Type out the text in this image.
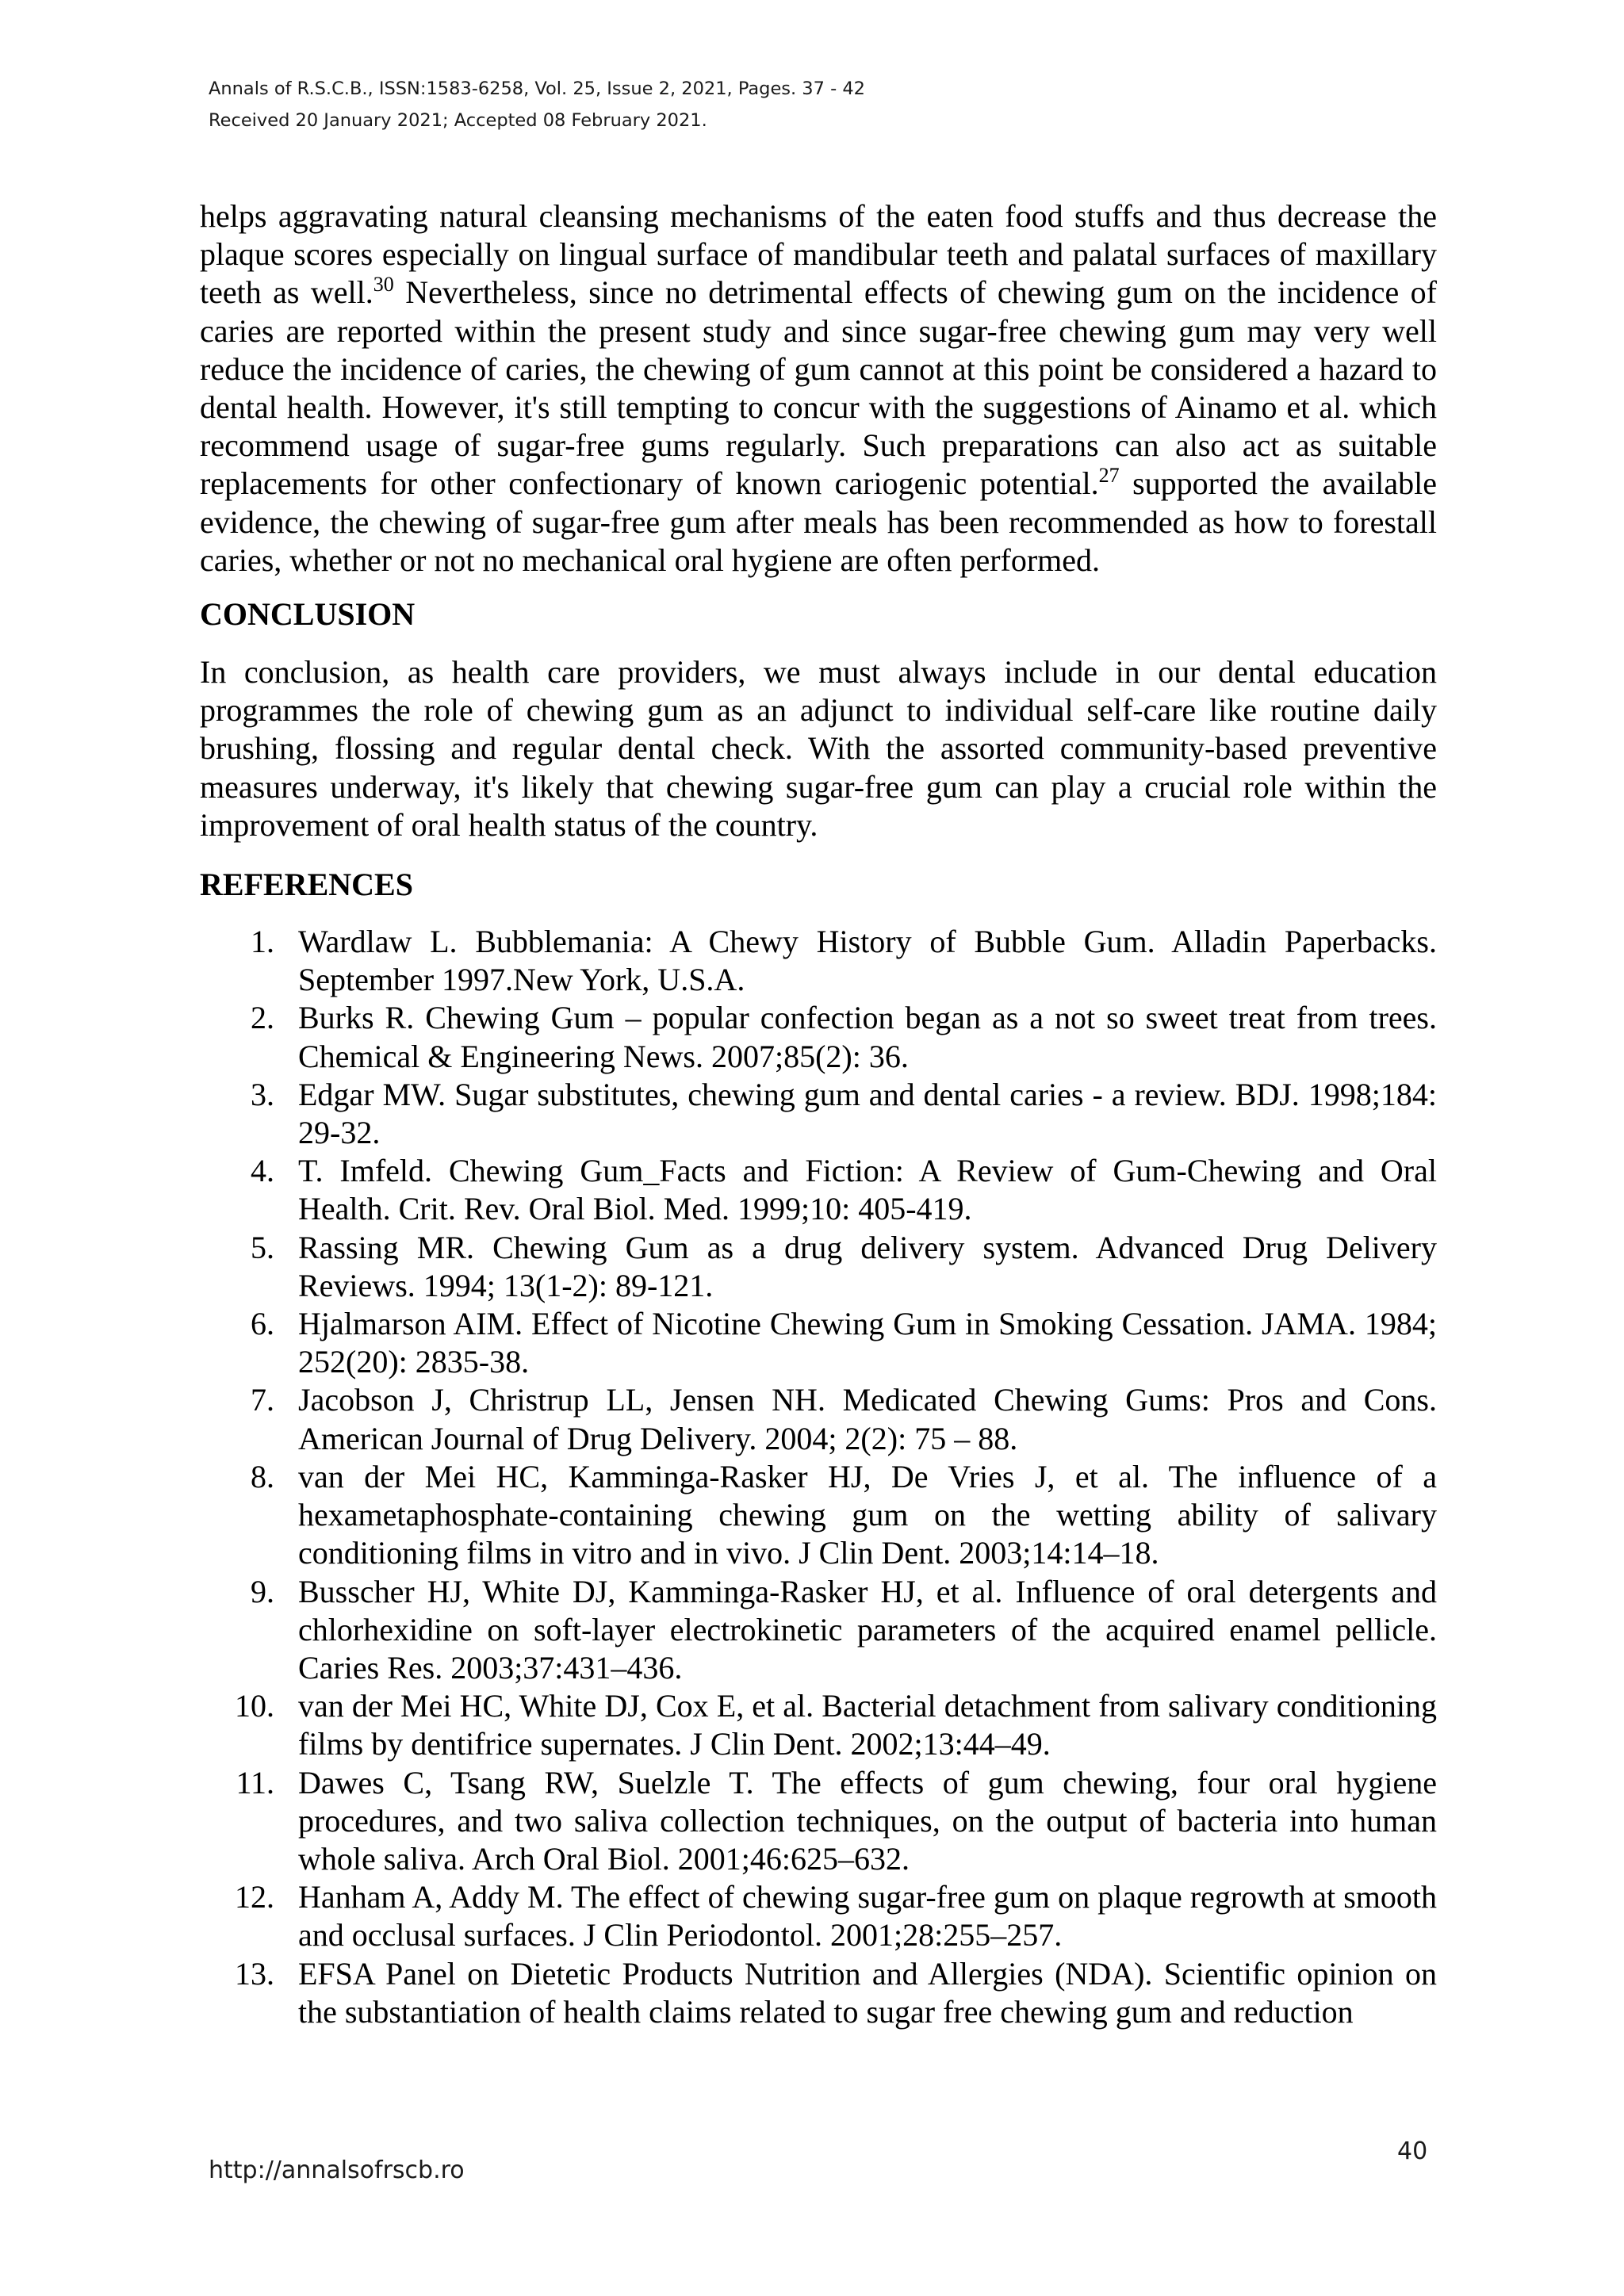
Annals of R.S.C.B., ISSN:1583-6258, Vol. 25, Issue 2, 2021, Pages. 37 - 42
Received 20 January 2021; Accepted 08 February 2021.

helps aggravating natural cleansing mechanisms of the eaten food stuffs and thus decrease the plaque scores especially on lingual surface of mandibular teeth and palatal surfaces of maxillary teeth as well.$^{30}$ Nevertheless, since no detrimental effects of chewing gum on the incidence of caries are reported within the present study and since sugar-free chewing gum may very well reduce the incidence of caries, the chewing of gum cannot at this point be considered a hazard to dental health. However, it's still tempting to concur with the suggestions of Ainamo et al. which recommend usage of sugar-free gums regularly. Such preparations can also act as suitable replacements for other confectionary of known cariogenic potential.$^{27}$ supported the available evidence, the chewing of sugar-free gum after meals has been recommended as how to forestall caries, whether or not no mechanical oral hygiene are often performed.

CONCLUSION

In conclusion, as health care providers, we must always include in our dental education programmes the role of chewing gum as an adjunct to individual self-care like routine daily brushing, flossing and regular dental check. With the assorted community-based preventive measures underway, it's likely that chewing sugar-free gum can play a crucial role within the improvement of oral health status of the country.

REFERENCES
1. Wardlaw L. Bubblemania: A Chewy History of Bubble Gum. Alladin Paperbacks. September 1997.New York, U.S.A.
2. Burks R. Chewing Gum – popular confection began as a not so sweet treat from trees. Chemical & Engineering News. 2007;85(2): 36.
3. Edgar MW. Sugar substitutes, chewing gum and dental caries - a review. BDJ. 1998;184: 29-32.
4. T. Imfeld. Chewing Gum_Facts and Fiction: A Review of Gum-Chewing and Oral Health. Crit. Rev. Oral Biol. Med. 1999;10: 405-419.
5. Rassing MR. Chewing Gum as a drug delivery system. Advanced Drug Delivery Reviews. 1994; 13(1-2): 89-121.
6. Hjalmarson AIM. Effect of Nicotine Chewing Gum in Smoking Cessation. JAMA. 1984; 252(20): 2835-38.
7. Jacobson J, Christrup LL, Jensen NH. Medicated Chewing Gums: Pros and Cons. American Journal of Drug Delivery. 2004; 2(2): 75 – 88.
8. van der Mei HC, Kamminga-Rasker HJ, De Vries J, et al. The influence of a hexametaphosphate-containing chewing gum on the wetting ability of salivary conditioning films in vitro and in vivo. J Clin Dent. 2003;14:14–18.
9. Busscher HJ, White DJ, Kamminga-Rasker HJ, et al. Influence of oral detergents and chlorhexidine on soft-layer electrokinetic parameters of the acquired enamel pellicle. Caries Res. 2003;37:431–436.
10. van der Mei HC, White DJ, Cox E, et al. Bacterial detachment from salivary conditioning films by dentifrice supernates. J Clin Dent. 2002;13:44–49.
11. Dawes C, Tsang RW, Suelzle T. The effects of gum chewing, four oral hygiene procedures, and two saliva collection techniques, on the output of bacteria into human whole saliva. Arch Oral Biol. 2001;46:625–632.
12. Hanham A, Addy M. The effect of chewing sugar-free gum on plaque regrowth at smooth and occlusal surfaces. J Clin Periodontol. 2001;28:255–257.
13. EFSA Panel on Dietetic Products Nutrition and Allergies (NDA). Scientific opinion on the substantiation of health claims related to sugar free chewing gum and reduction
http://annalsofrscb.ro
40
